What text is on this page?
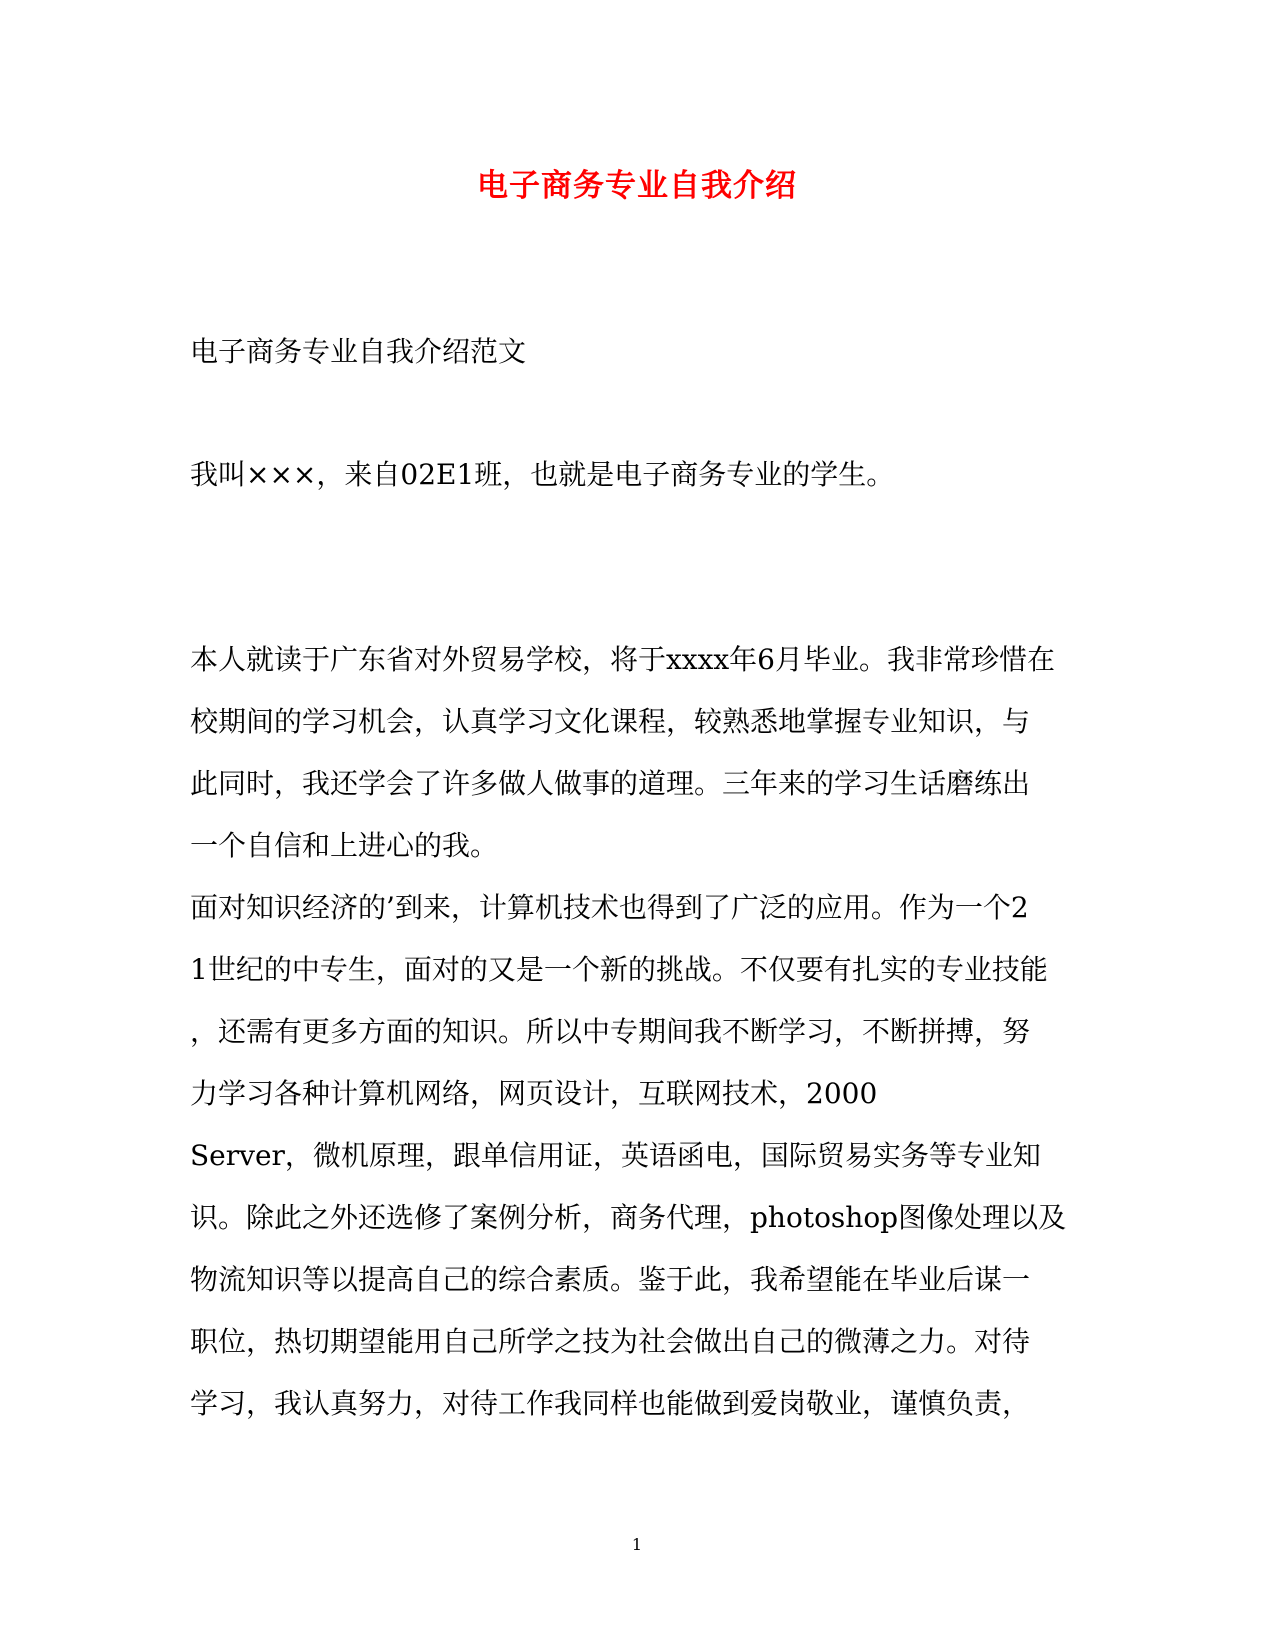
电子商务专业自我介绍

电子商务专业自我介绍范文

我叫×××，来自02E1班，也就是电子商务专业的学生。

本人就读于广东省对外贸易学校，将于xxxx年6月毕业。我非常珍惜在

校期间的学习机会，认真学习文化课程，较熟悉地掌握专业知识，与

此同时，我还学会了许多做人做事的道理。三年来的学习生话磨练出

一个自信和上进心的我。

面对知识经济的’到来，计算机技术也得到了广泛的应用。作为一个2

1世纪的中专生，面对的又是一个新的挑战。不仅要有扎实的专业技能

，还需有更多方面的知识。所以中专期间我不断学习，不断拼搏，努

力学习各种计算机网络，网页设计，互联网技术，2000

Server，微机原理，跟单信用证，英语函电，国际贸易实务等专业知

识。除此之外还选修了案例分析，商务代理，photoshop图像处理以及

物流知识等以提高自己的综合素质。鉴于此，我希望能在毕业后谋一

职位，热切期望能用自己所学之技为社会做出自己的微薄之力。对待

学习，我认真努力，对待工作我同样也能做到爱岗敬业，谨慎负责，

1
